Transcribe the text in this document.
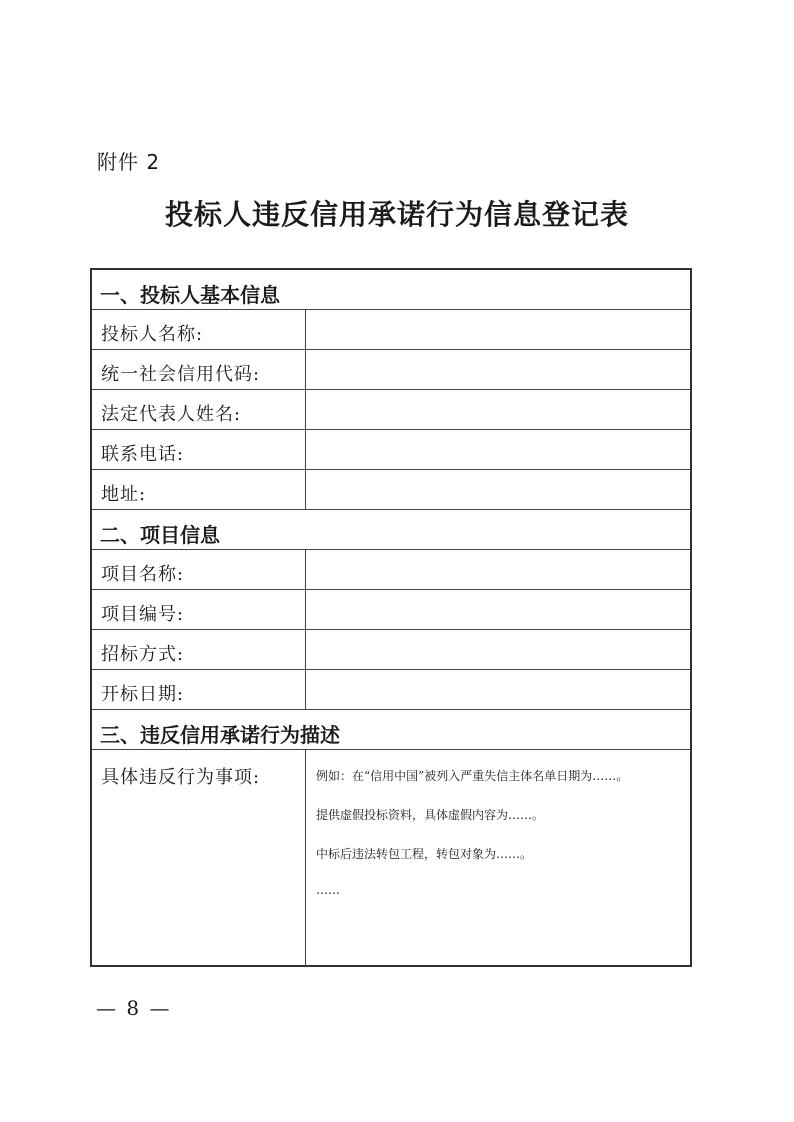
附件 2
投标人违反信用承诺行为信息登记表
一、投标人基本信息
投标人名称:
统一社会信用代码:
法定代表人姓名:
联系电话:
地址:
二、项目信息
项目名称:
项目编号:
招标方式:
开标日期:
三、违反信用承诺行为描述
具体违反行为事项:	例如：在“信用中国”被列入严重失信主体名单日期为……。
提供虚假投标资料，具体虚假内容为……。
中标后违法转包工程，转包对象为……。
……
— 8 —
